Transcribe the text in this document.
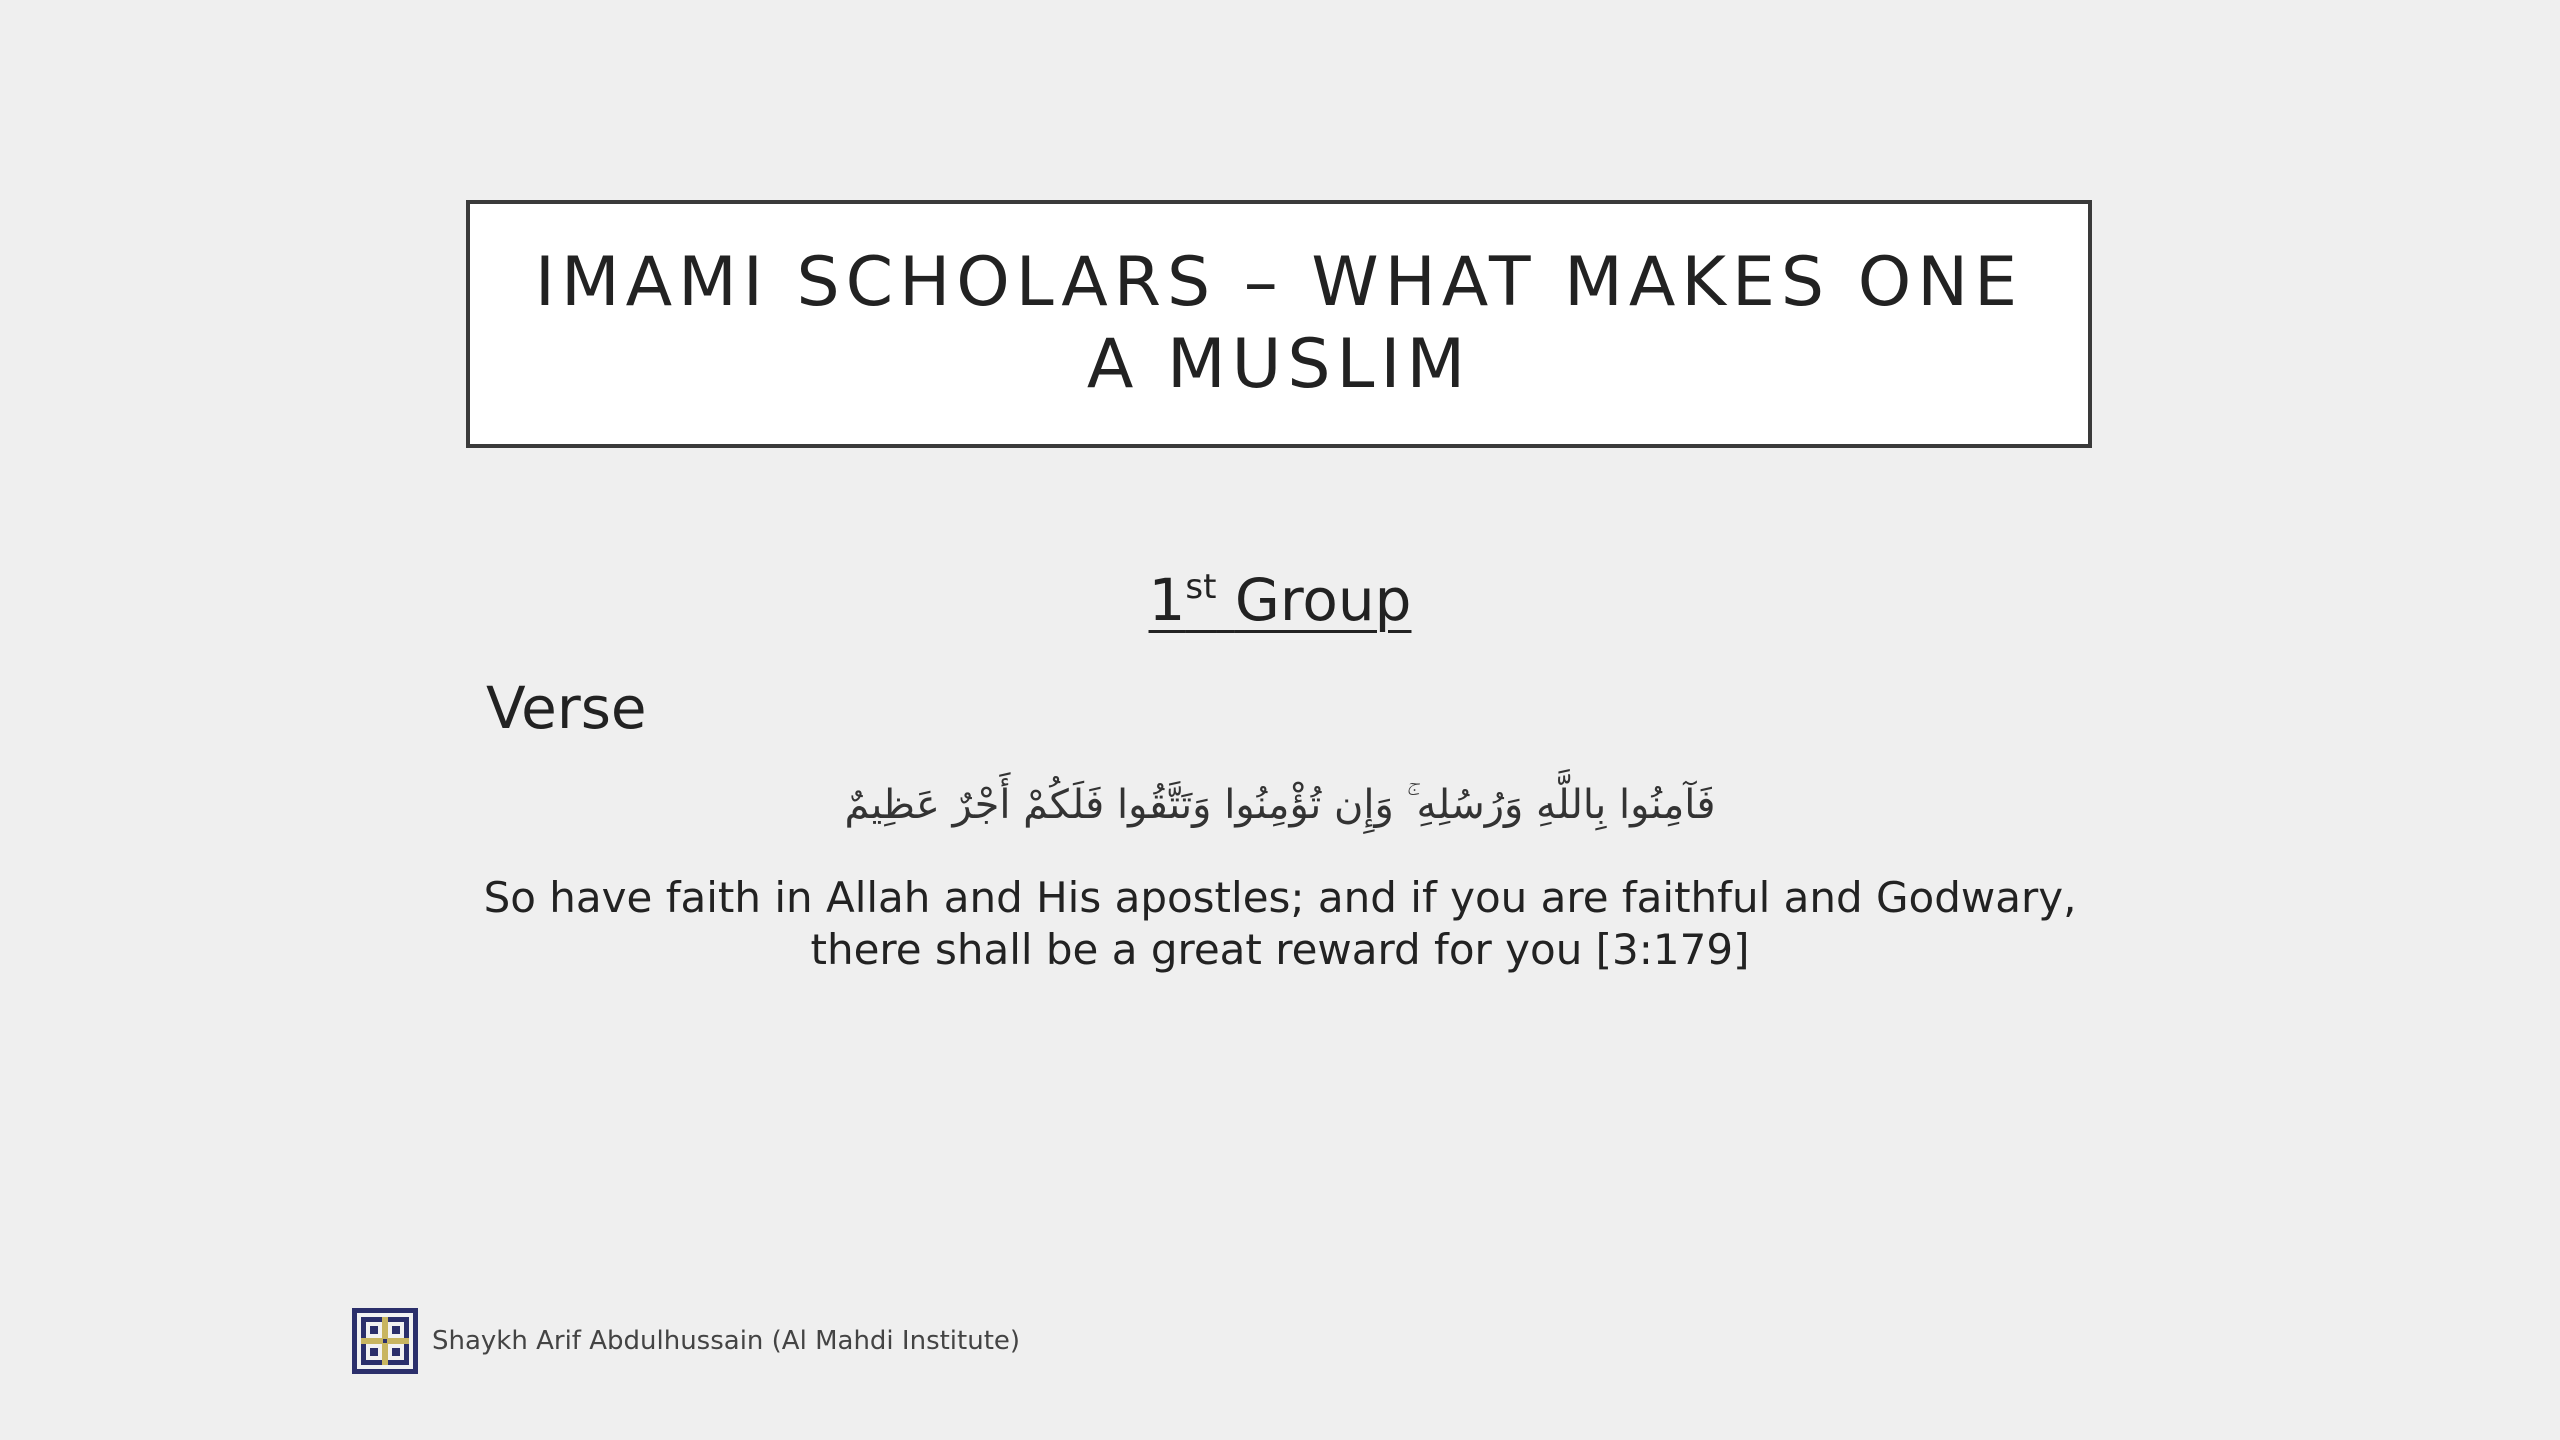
IMAMI SCHOLARS – WHAT MAKES ONE A MUSLIM
1st Group
Verse
فَآمِنُوا بِاللَّهِ وَرُسُلِهِ ۚ وَإِن تُؤْمِنُوا وَتَتَّقُوا فَلَكُمْ أَجْرٌ عَظِيمٌ
So have faith in Allah and His apostles; and if you are faithful and Godwary, there shall be a great reward for you [3:179]
Shaykh Arif Abdulhussain (Al Mahdi Institute)
